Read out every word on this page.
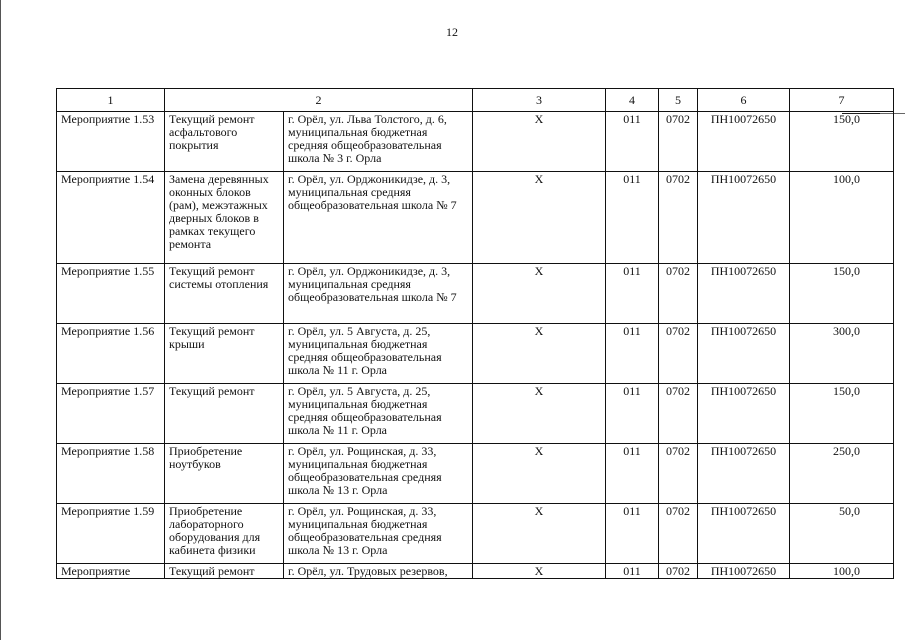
12
1	2		3	4	5	6	7
Мероприятие 1.53	Текущий ремонт асфальтового покрытия	г. Орёл, ул. Льва Толстого, д. 6, муниципальная бюджетная средняя общеобразовательная школа № 3 г. Орла	Х	011	0702	ПН10072650	150,0
Мероприятие 1.54	Замена деревянных оконных блоков (рам), межэтажных дверных блоков в рамках текущего ремонта	г. Орёл, ул. Орджоникидзе, д. 3, муниципальная средняя общеобразовательная школа № 7	Х	011	0702	ПН10072650	100,0
Мероприятие 1.55	Текущий ремонт системы отопления	г. Орёл, ул. Орджоникидзе, д. 3, муниципальная средняя общеобразовательная школа № 7	Х	011	0702	ПН10072650	150,0
Мероприятие 1.56	Текущий ремонт крыши	г. Орёл, ул. 5 Августа, д. 25, муниципальная бюджетная средняя общеобразовательная школа № 11 г. Орла	Х	011	0702	ПН10072650	300,0
Мероприятие 1.57	Текущий ремонт	г. Орёл, ул. 5 Августа, д. 25, муниципальная бюджетная средняя общеобразовательная школа № 11 г. Орла	Х	011	0702	ПН10072650	150,0
Мероприятие 1.58	Приобретение ноутбуков	г. Орёл, ул. Рощинская, д. 33, муниципальная бюджетная общеобразовательная средняя школа № 13 г. Орла	Х	011	0702	ПН10072650	250,0
Мероприятие 1.59	Приобретение лабораторного оборудования для кабинета физики	г. Орёл, ул. Рощинская, д. 33, муниципальная бюджетная общеобразовательная средняя школа № 13 г. Орла	Х	011	0702	ПН10072650	50,0
Мероприятие	Текущий ремонт	г. Орёл, ул. Трудовых резервов,	Х	011	0702	ПН10072650	100,0
